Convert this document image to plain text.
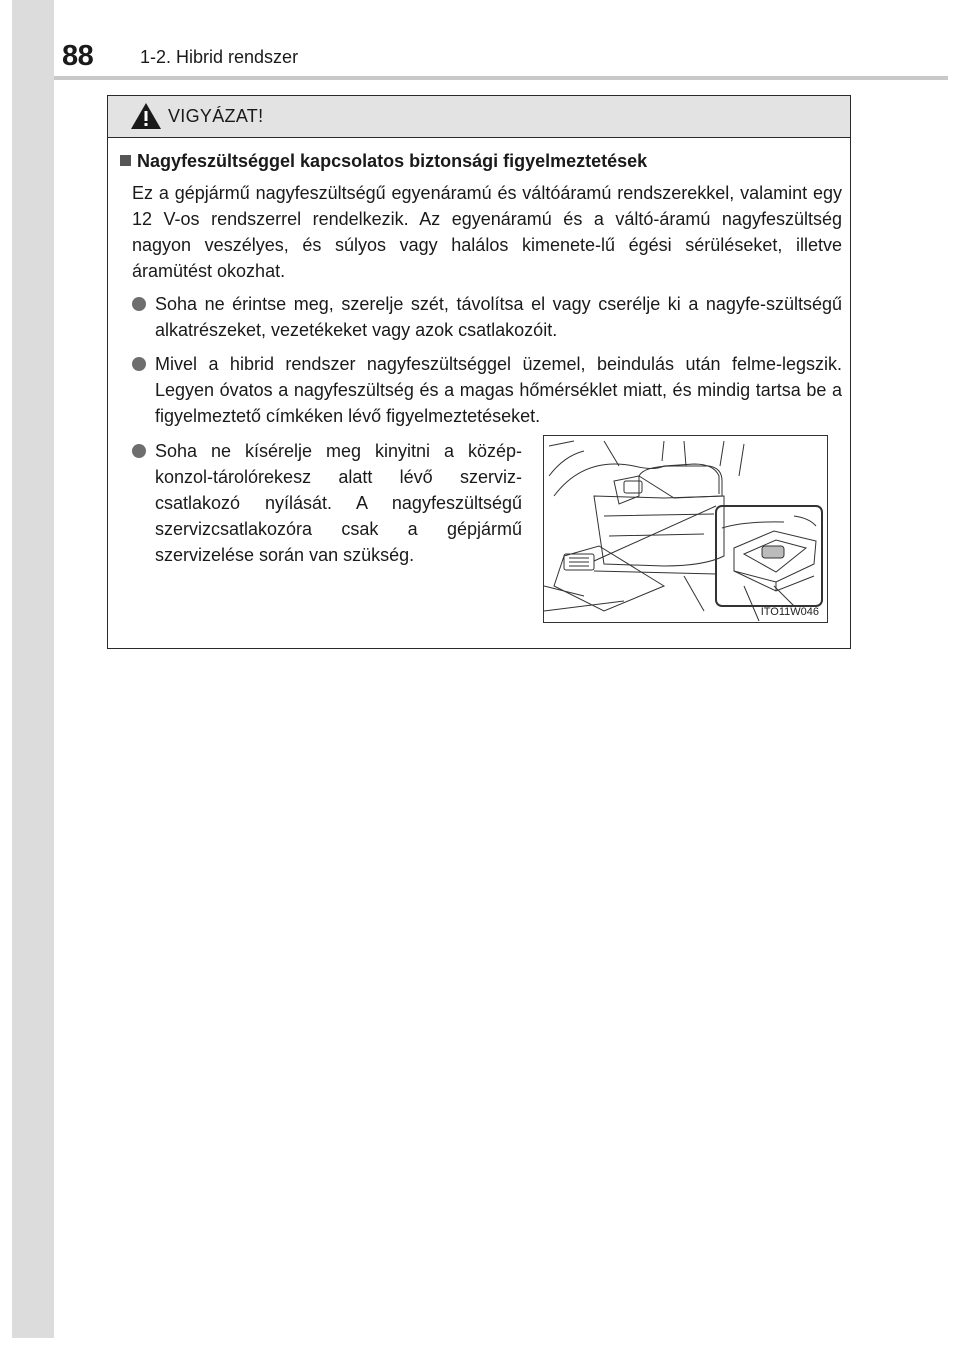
88	1-2. Hibrid rendszer
VIGYÁZAT!
Nagyfeszültséggel kapcsolatos biztonsági figyelmeztetések
Ez a gépjármű nagyfeszültségű egyenáramú és váltóáramú rendszerekkel, valamint egy 12 V-os rendszerrel rendelkezik. Az egyenáramú és a váltó-áramú nagyfeszültség nagyon veszélyes, és súlyos vagy halálos kimenete-lű égési sérüléseket, illetve áramütést okozhat.
Soha ne érintse meg, szerelje szét, távolítsa el vagy cserélje ki a nagyfe-szültségű alkatrészeket, vezetékeket vagy azok csatlakozóit.
Mivel a hibrid rendszer nagyfeszültséggel üzemel, beindulás után felme-legszik. Legyen óvatos a nagyfeszültség és a magas hőmérséklet miatt, és mindig tartsa be a figyelmeztető címkéken lévő figyelmeztetéseket.
Soha ne kísérelje meg kinyitni a közép-konzol-tárolórekesz alatt lévő szerviz-csatlakozó nyílását. A nagyfeszültségű szervizcsatlakozóra csak a gépjármű szervizelése során van szükség.
ITO11W046
